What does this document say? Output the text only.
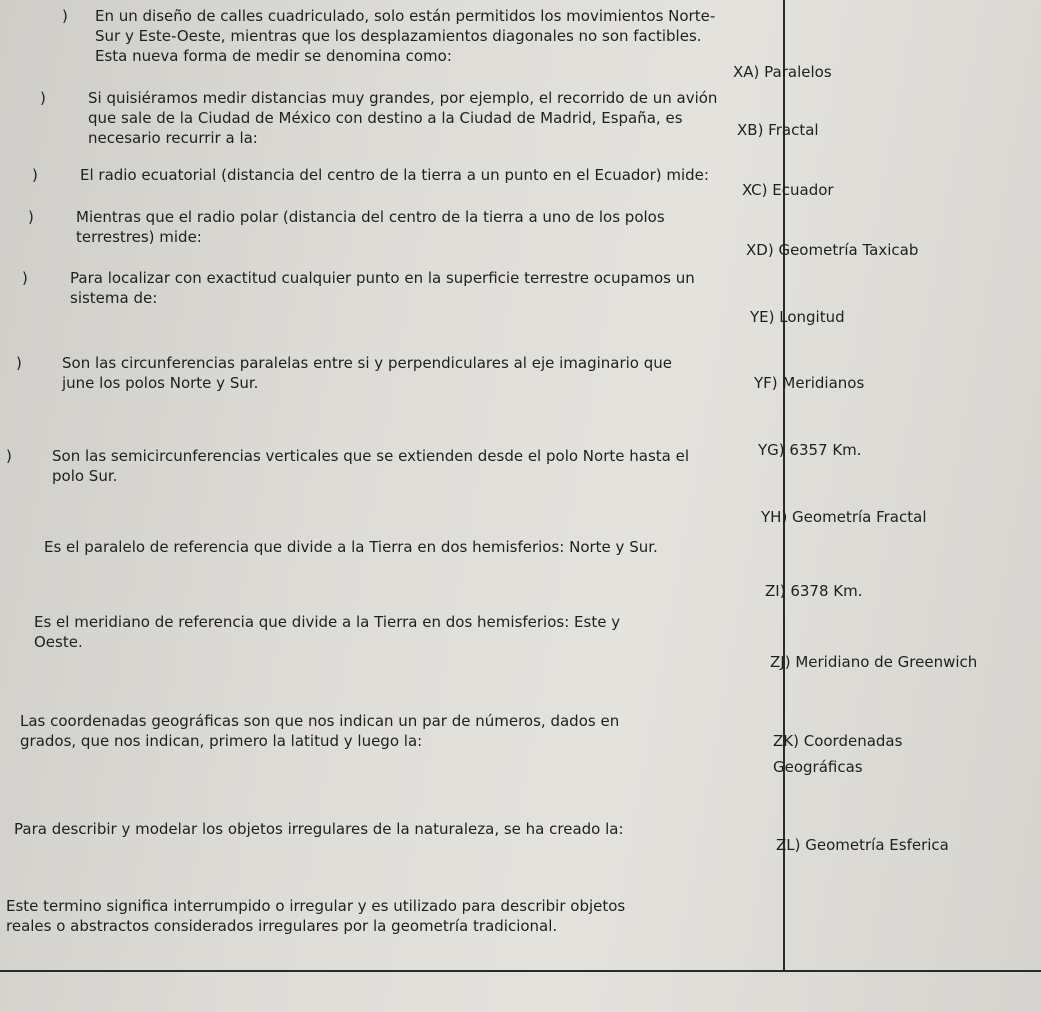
) En un diseño de calles cuadriculado, solo están permitidos los movimientos Norte-
Sur y Este-Oeste, mientras que los desplazamientos diagonales no son factibles.
Esta nueva forma de medir se denomina como:
)	Si quisiéramos medir distancias muy grandes, por ejemplo, el recorrido de un avión
que sale de la Ciudad de México con destino a la Ciudad de Madrid, España, es
necesario recurrir a la:
)	El radio ecuatorial (distancia del centro de la tierra a un punto en el Ecuador) mide:
)	Mientras que el radio polar (distancia del centro de la tierra a uno de los polos
terrestres) mide:
)	Para localizar con exactitud cualquier punto en la superficie terrestre ocupamos un
sistema de:
)	Son las circunferencias paralelas entre si y perpendiculares al eje imaginario que
june los polos Norte y Sur.
)	Son las semicircunferencias verticales que se extienden desde el polo Norte hasta el
polo Sur.
Es el paralelo de referencia que divide a la Tierra en dos hemisferios: Norte y Sur.
Es el meridiano de referencia que divide a la Tierra en dos hemisferios: Este y
Oeste.
Las coordenadas geográficas son que nos indican un par de números, dados en
grados, que nos indican, primero la latitud y luego la:
Para describir y modelar los objetos irregulares de la naturaleza, se ha creado la:
Este termino significa interrumpido o irregular y es utilizado para describir objetos
reales o abstractos considerados irregulares por la geometría tradicional.
XA) Paralelos
XB) Fractal
XC) Ecuador
XD) Geometría Taxicab
YE) Longitud
YF) Meridianos
YG) 6357 Km.
YH) Geometría Fractal
ZI) 6378 Km.
ZJ) Meridiano de Greenwich
ZK) Coordenadas
Geográficas
ZL) Geometría Esferica
